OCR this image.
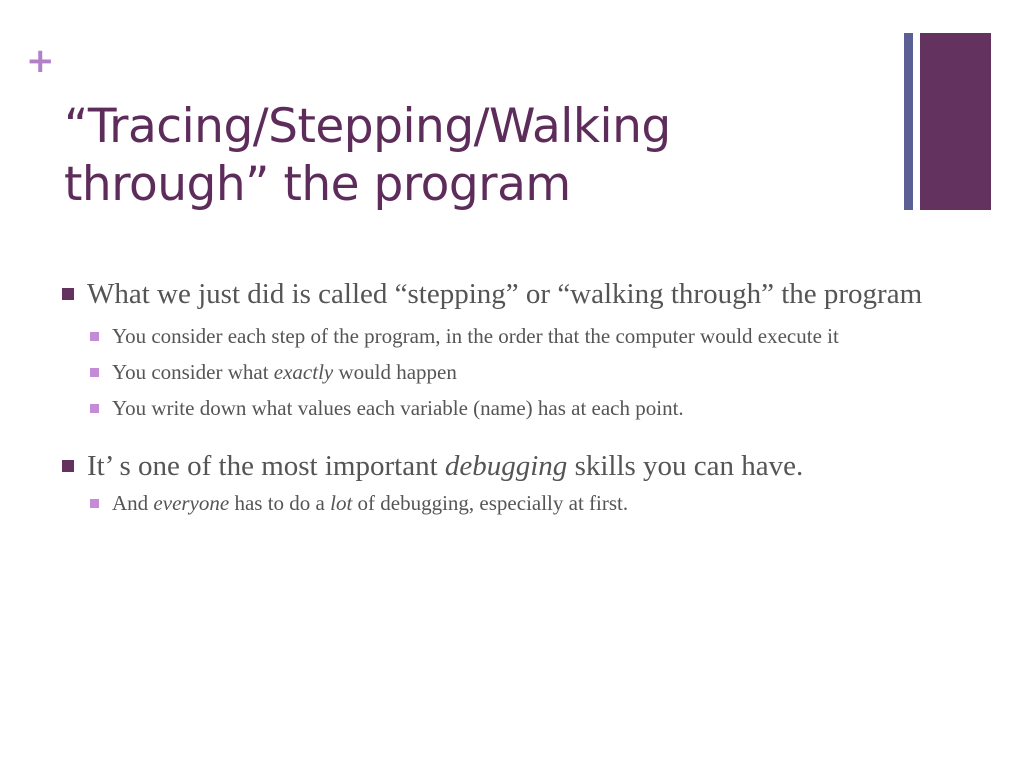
+
“Tracing/Stepping/Walking through” the program

What we just did is called “stepping” or “walking through” the program

You consider each step of the program, in the order that the computer would execute it

You consider what exactly would happen

You write down what values each variable (name) has at each point.

It’ s one of the most important debugging skills you can have.

And everyone has to do a lot of debugging, especially at first.
